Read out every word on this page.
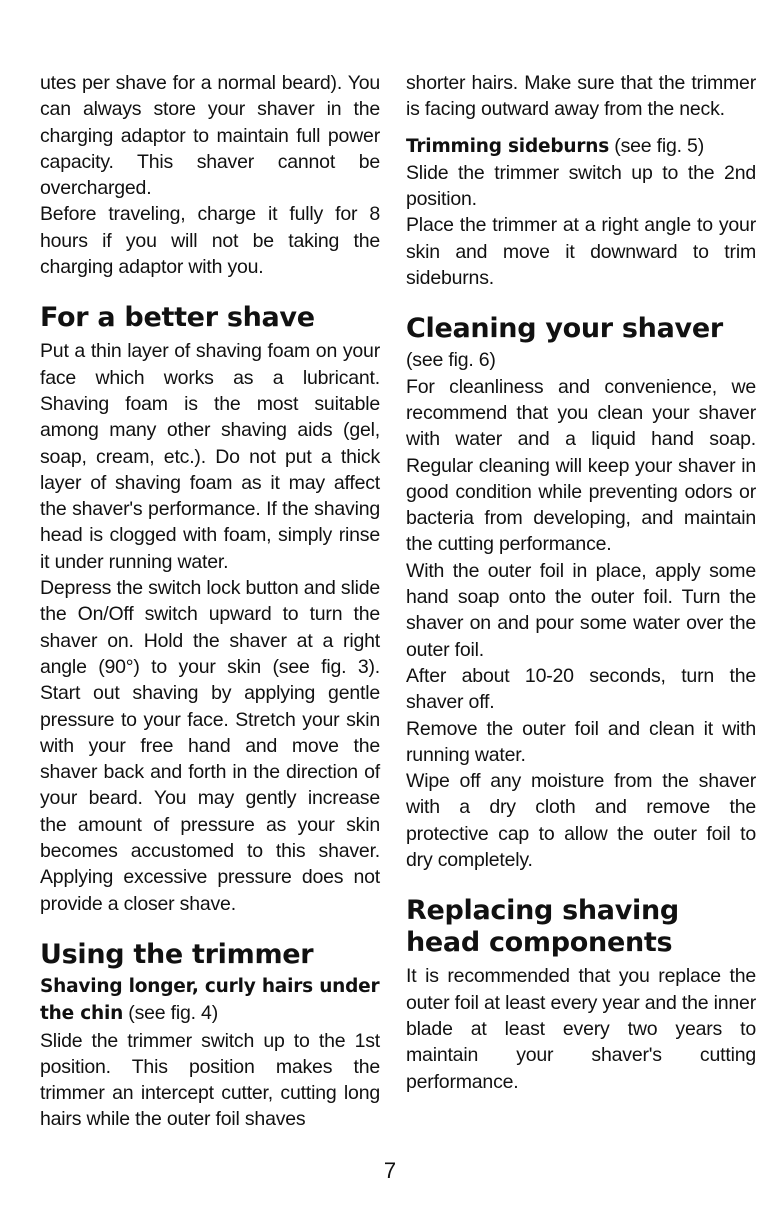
utes per shave for a normal beard). You can always store your shaver in the charging adaptor to maintain full power capacity. This shaver cannot be overcharged.

Before traveling, charge it fully for 8 hours if you will not be taking the charging adaptor with you.

For a better shave

Put a thin layer of shaving foam on your face which works as a lubricant. Shaving foam is the most suitable among many other shaving aids (gel, soap, cream, etc.). Do not put a thick layer of shaving foam as it may affect the shaver's performance. If the shaving head is clogged with foam, simply rinse it under running water.

Depress the switch lock button and slide the On/Off switch upward to turn the shaver on. Hold the shaver at a right angle (90°) to your skin (see fig. 3). Start out shaving by applying gentle pressure to your face. Stretch your skin with your free hand and move the shaver back and forth in the direction of your beard. You may gently increase the amount of pressure as your skin becomes accustomed to this shaver. Applying excessive pressure does not provide a closer shave.

Using the trimmer

Shaving longer, curly hairs under the chin (see fig. 4)

Slide the trimmer switch up to the 1st position. This position makes the trimmer an intercept cutter, cutting long hairs while the outer foil shaves

shorter hairs. Make sure that the trimmer is facing outward away from the neck.

Trimming sideburns (see fig. 5)

Slide the trimmer switch up to the 2nd position.

Place the trimmer at a right angle to your skin and move it downward to trim sideburns.

Cleaning your shaver

(see fig. 6)

For cleanliness and convenience, we recommend that you clean your shaver with water and a liquid hand soap. Regular cleaning will keep your shaver in good condition while preventing odors or bacteria from developing, and maintain the cutting performance.

With the outer foil in place, apply some hand soap onto the outer foil. Turn the shaver on and pour some water over the outer foil.

After about 10-20 seconds, turn the shaver off.

Remove the outer foil and clean it with running water.

Wipe off any moisture from the shaver with a dry cloth and remove the protective cap to allow the outer foil to dry completely.

Replacing shaving head components

It is recommended that you replace the outer foil at least every year and the inner blade at least every two years to maintain your shaver's cutting performance.

7
